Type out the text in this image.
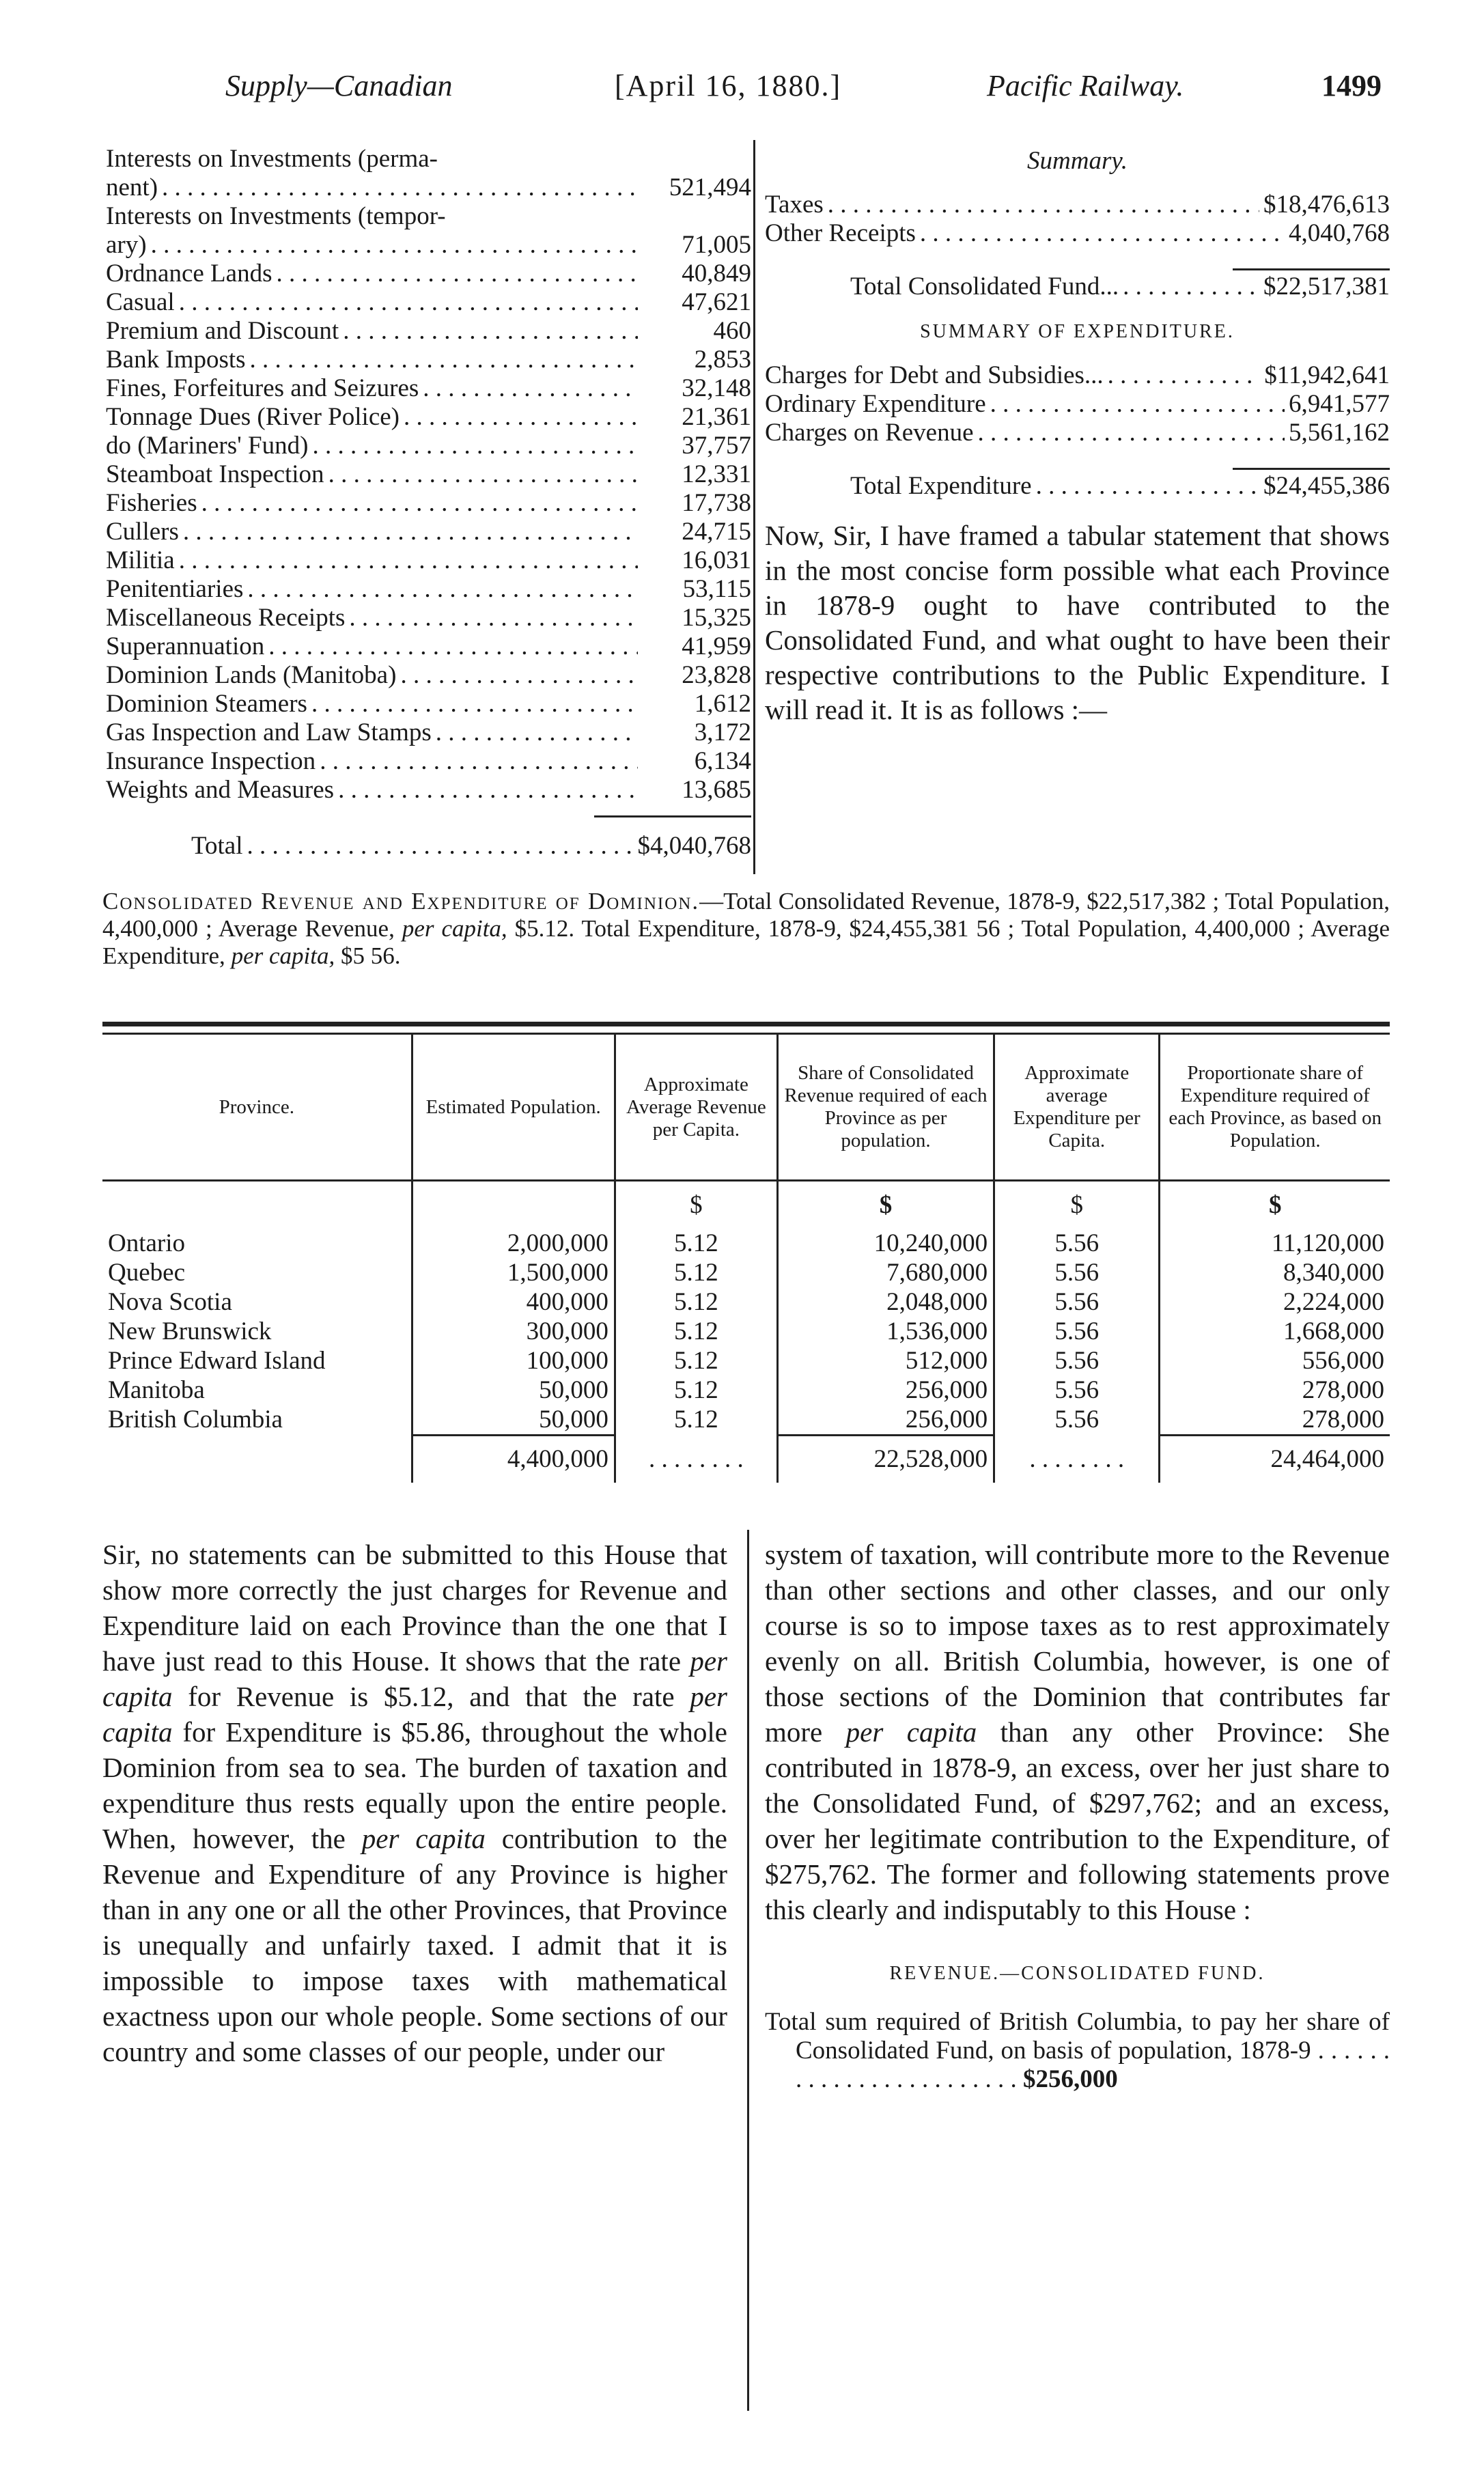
Supply—Canadian	[April 16, 1880.]	Pacific Railway.	1499
Interests on Investments (perma-
nent) . . .	521,494
Interests on Investments (tempor-
ary) . . .	71,005
Ordnance Lands . . .	40,849
Casual . . .	47,621
Premium and Discount . . .	460
Bank Imposts . . .	2,853
Fines, Forfeitures and Seizures . . .	32,148
Tonnage Dues (River Police) . . .	21,361
do (Mariners' Fund) . . .	37,757
Steamboat Inspection . . .	12,331
Fisheries . . .	17,738
Cullers . . .	24,715
Militia . . .	16,031
Penitentiaries . . .	53,115
Miscellaneous Receipts . . .	15,325
Superannuation . . .	41,959
Dominion Lands (Manitoba) . . .	23,828
Dominion Steamers . . .	1,612
Gas Inspection and Law Stamps . . .	3,172
Insurance Inspection . . .	6,134
Weights and Measures . . .	13,685
Total . . .	$4,040,768
Summary.
Taxes . . .	$18,476,613
Other Receipts . . .	4,040,768
Total Consolidated Fund... . . .	$22,517,381
SUMMARY OF EXPENDITURE.
Charges for Debt and Subsidies... . . .	$11,942,641
Ordinary Expenditure . . .	6,941,577
Charges on Revenue . . .	5,561,162
Total Expenditure . . .	$24,455,386
Now, Sir, I have framed a tabular statement that shows in the most concise form possible what each Province in 1878-9 ought to have contributed to the Consolidated Fund, and what ought to have been their respective contributions to the Public Expenditure. I will read it. It is as follows :—

Consolidated Revenue and Expenditure of Dominion.—Total Consolidated Revenue, 1878-9, $22,517,382 ; Total Population, 4,400,000 ; Average Revenue, per capita, $5.12. Total Expenditure, 1878-9, $24,455,381 56 ; Total Population, 4,400,000 ; Average Expenditure, per capita, $5 56.

Province.	Estimated Population.	Approximate Average Revenue per Capita.	Share of Consolidated Revenue required of each Province as per population.	Approximate average Expenditure per Capita.	Proportionate share of Expenditure required of each Province, as based on Population.
		$	$	$	$
Ontario	2,000,000	5.12	10,240,000	5.56	11,120,000
Quebec	1,500,000	5.12	7,680,000	5.56	8,340,000
Nova Scotia	400,000	5.12	2,048,000	5.56	2,224,000
New Brunswick	300,000	5.12	1,536,000	5.56	1,668,000
Prince Edward Island	100,000	5.12	512,000	5.56	556,000
Manitoba	50,000	5.12	256,000	5.56	278,000
British Columbia	50,000	5.12	256,000	5.56	278,000
	4,400,000	. . . . . . . .	22,528,000	. . . . . . . .	24,464,000

Sir, no statements can be submitted to this House that show more correctly the just charges for Revenue and Expenditure laid on each Province than the one that I have just read to this House. It shows that the rate per capita for Revenue is $5.12, and that the rate per capita for Expenditure is $5.86, throughout the whole Dominion from sea to sea. The burden of taxation and expenditure thus rests equally upon the entire people. When, however, the per capita contribution to the Revenue and Expenditure of any Province is higher than in any one or all the other Provinces, that Province is unequally and unfairly taxed. I admit that it is impossible to impose taxes with mathematical exactness upon our whole people. Some sections of our country and some classes of our people, under our

system of taxation, will contribute more to the Revenue than other sections and other classes, and our only course is so to impose taxes as to rest approximately evenly on all. British Columbia, however, is one of those sections of the Dominion that contributes far more per capita than any other Province: She contributed in 1878-9, an excess, over her just share to the Consolidated Fund, of $297,762; and an excess, over her legitimate contribution to the Expenditure, of $275,762. The former and following statements prove this clearly and indisputably to this House :

REVENUE.—CONSOLIDATED FUND.
Total sum required of British Columbia, to pay her share of Consolidated Fund, on basis of population, 1878-9 . . . . . . . . . . . . . . . . . . . . . . . . $256,000
